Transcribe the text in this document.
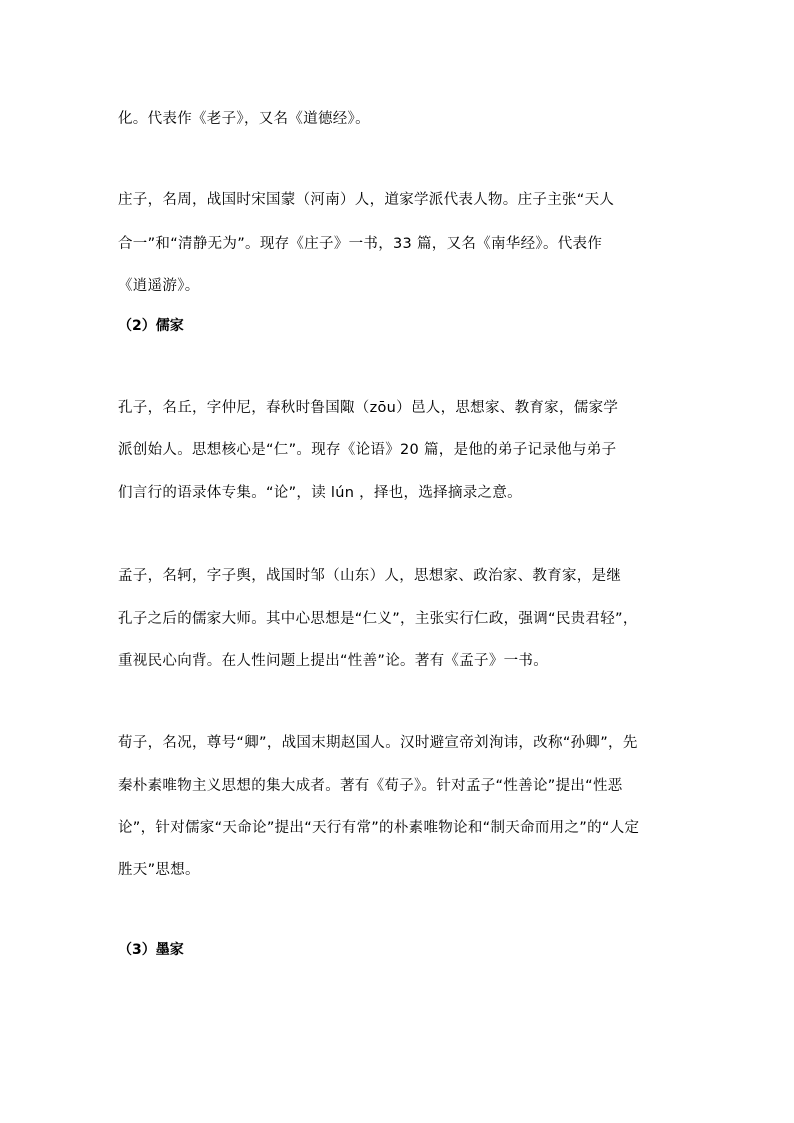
化。代表作《老子》，又名《道德经》。
庄子，名周，战国时宋国蒙（河南）人，道家学派代表人物。庄子主张“天人
合一”和“清静无为”。现存《庄子》一书，33 篇，又名《南华经》。代表作
《逍遥游》。
（2）儒家
孔子，名丘，字仲尼，春秋时鲁国陬（zōu）邑人，思想家、教育家，儒家学
派创始人。思想核心是“仁”。现存《论语》20 篇，是他的弟子记录他与弟子
们言行的语录体专集。“论”，读 lún ，择也，选择摘录之意。
孟子，名轲，字子舆，战国时邹（山东）人，思想家、政治家、教育家，是继
孔子之后的儒家大师。其中心思想是“仁义”，主张实行仁政，强调“民贵君轻”，
重视民心向背。在人性问题上提出“性善”论。著有《孟子》一书。
荀子，名况，尊号“卿”，战国末期赵国人。汉时避宣帝刘洵讳，改称“孙卿”，先
秦朴素唯物主义思想的集大成者。著有《荀子》。针对孟子“性善论”提出“性恶
论”，针对儒家“天命论”提出“天行有常”的朴素唯物论和“制天命而用之”的“人定
胜天”思想。
（3）墨家
